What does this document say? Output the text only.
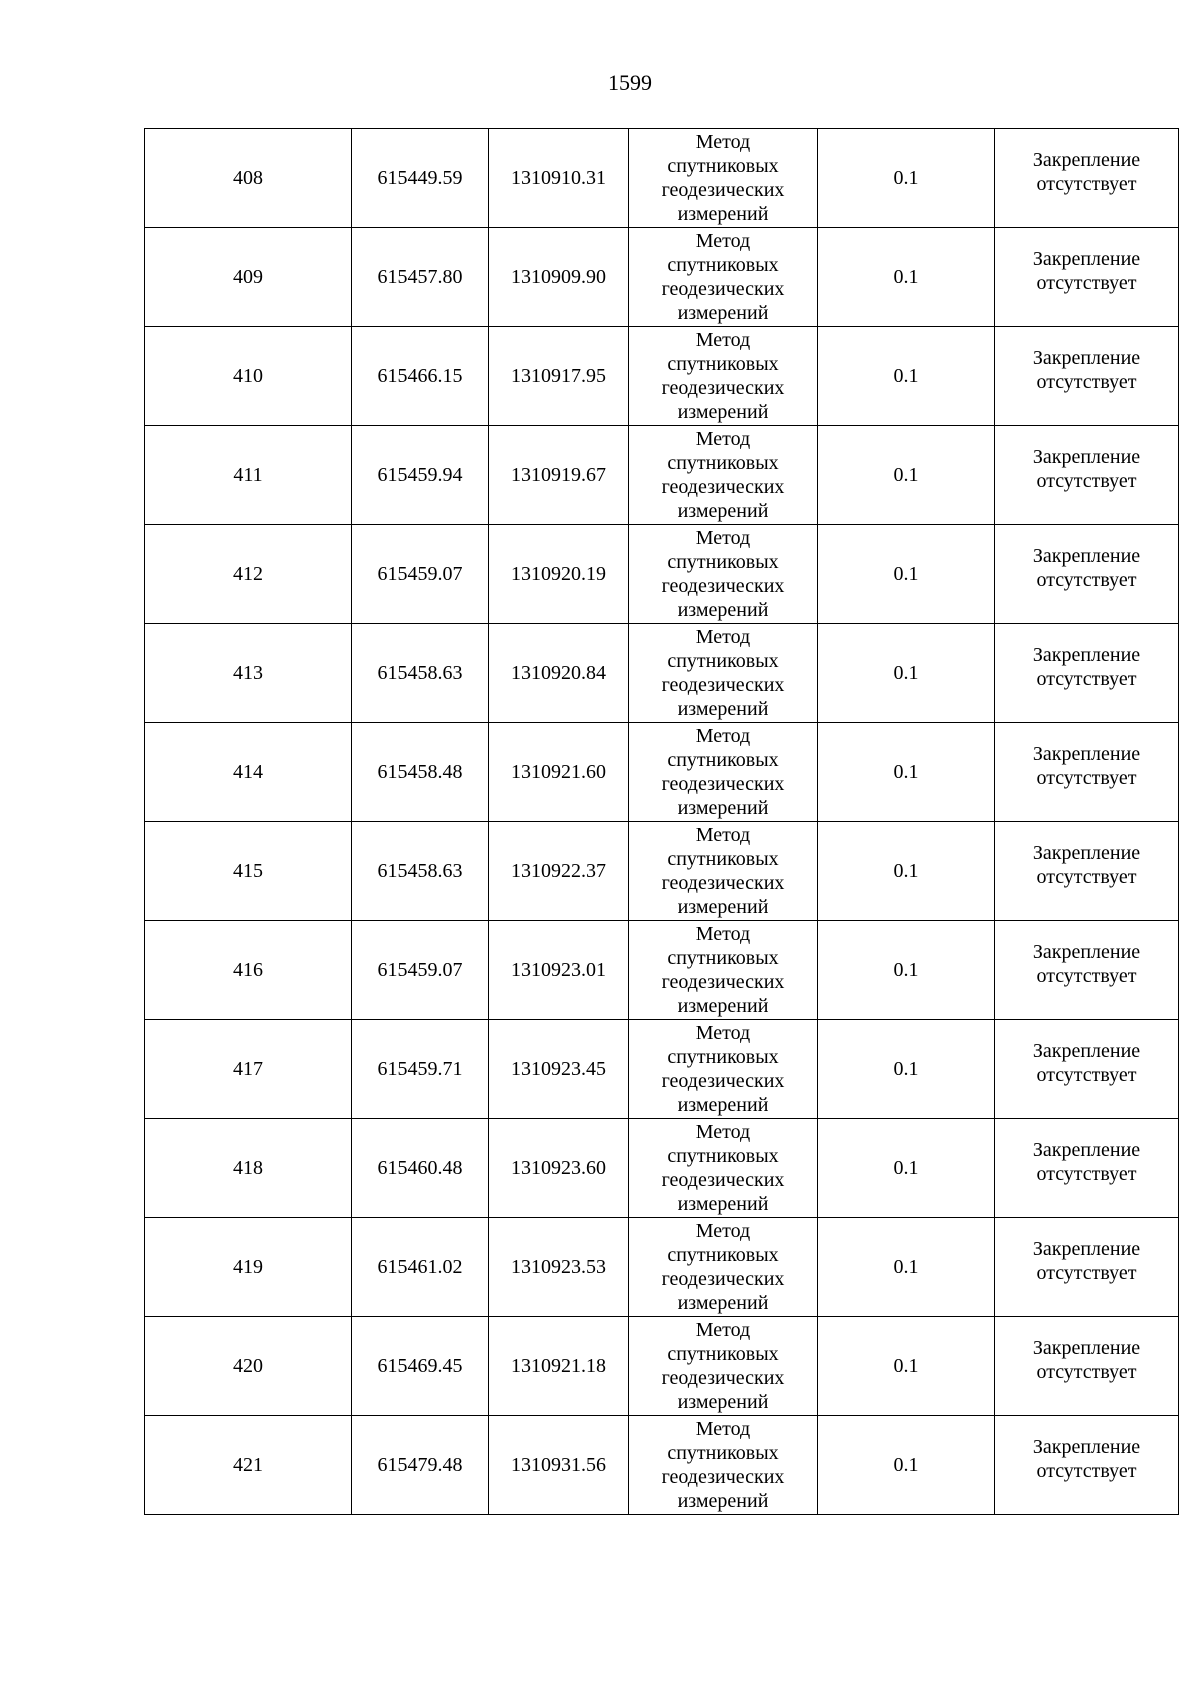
1599
408	615449.59	1310910.31	Метод
спутниковых
геодезических
измерений	0.1	Закрепление
отсутствует

409	615457.80	1310909.90	Метод
спутниковых
геодезических
измерений	0.1	Закрепление
отсутствует

410	615466.15	1310917.95	Метод
спутниковых
геодезических
измерений	0.1	Закрепление
отсутствует

411	615459.94	1310919.67	Метод
спутниковых
геодезических
измерений	0.1	Закрепление
отсутствует

412	615459.07	1310920.19	Метод
спутниковых
геодезических
измерений	0.1	Закрепление
отсутствует

413	615458.63	1310920.84	Метод
спутниковых
геодезических
измерений	0.1	Закрепление
отсутствует

414	615458.48	1310921.60	Метод
спутниковых
геодезических
измерений	0.1	Закрепление
отсутствует

415	615458.63	1310922.37	Метод
спутниковых
геодезических
измерений	0.1	Закрепление
отсутствует

416	615459.07	1310923.01	Метод
спутниковых
геодезических
измерений	0.1	Закрепление
отсутствует

417	615459.71	1310923.45	Метод
спутниковых
геодезических
измерений	0.1	Закрепление
отсутствует

418	615460.48	1310923.60	Метод
спутниковых
геодезических
измерений	0.1	Закрепление
отсутствует

419	615461.02	1310923.53	Метод
спутниковых
геодезических
измерений	0.1	Закрепление
отсутствует

420	615469.45	1310921.18	Метод
спутниковых
геодезических
измерений	0.1	Закрепление
отсутствует

421	615479.48	1310931.56	Метод
спутниковых
геодезических
измерений	0.1	Закрепление
отсутствует
